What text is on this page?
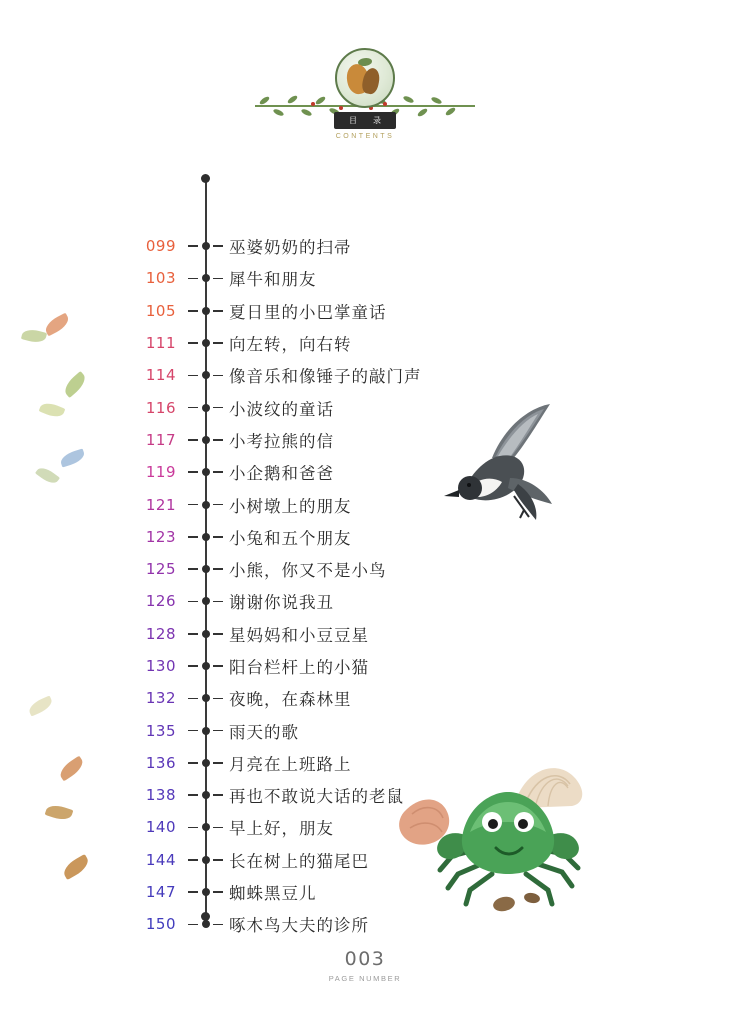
目　录
CONTENTS
099	巫婆奶奶的扫帚
103	犀牛和朋友
105	夏日里的小巴掌童话
111	向左转，向右转
114	像音乐和像锤子的敲门声
116	小波纹的童话
117	小考拉熊的信
119	小企鹅和爸爸
121	小树墩上的朋友
123	小兔和五个朋友
125	小熊，你又不是小鸟
126	谢谢你说我丑
128	星妈妈和小豆豆星
130	阳台栏杆上的小猫
132	夜晚，在森林里
135	雨天的歌
136	月亮在上班路上
138	再也不敢说大话的老鼠
140	早上好，朋友
144	长在树上的猫尾巴
147	蜘蛛黑豆儿
150	啄木鸟大夫的诊所
003
PAGE NUMBER
